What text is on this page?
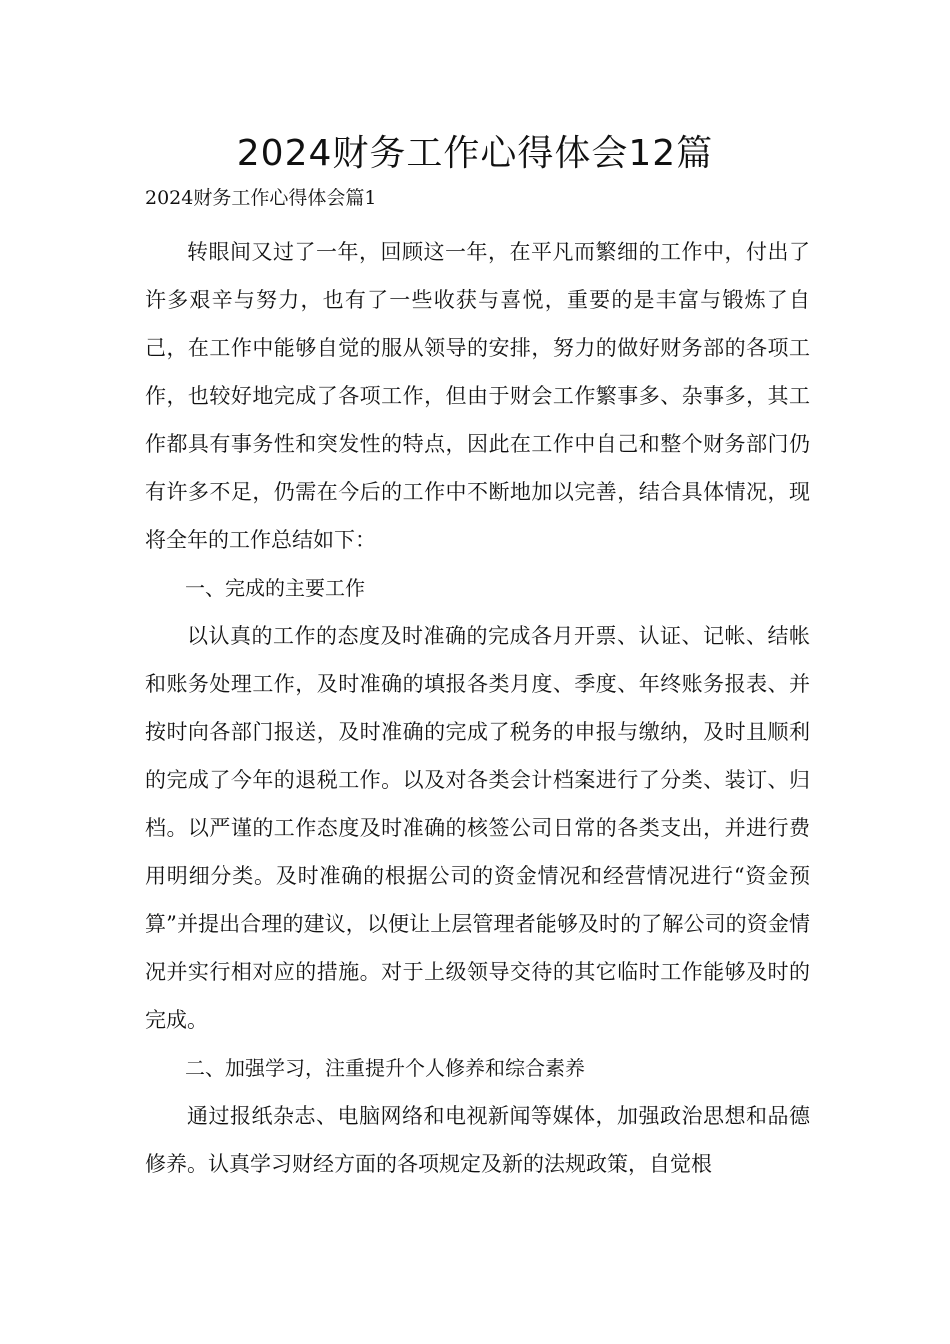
2024财务工作心得体会12篇

2024财务工作心得体会篇1

转眼间又过了一年，回顾这一年，在平凡而繁细的工作中，付出了许多艰辛与努力，也有了一些收获与喜悦，重要的是丰富与锻炼了自己，在工作中能够自觉的服从领导的安排，努力的做好财务部的各项工作，也较好地完成了各项工作，但由于财会工作繁事多、杂事多，其工作都具有事务性和突发性的特点，因此在工作中自己和整个财务部门仍有许多不足，仍需在今后的工作中不断地加以完善，结合具体情况，现将全年的工作总结如下：

一、完成的主要工作

以认真的工作的态度及时准确的完成各月开票、认证、记帐、结帐和账务处理工作，及时准确的填报各类月度、季度、年终账务报表、并按时向各部门报送，及时准确的完成了税务的申报与缴纳，及时且顺利的完成了今年的退税工作。以及对各类会计档案进行了分类、装订、归档。以严谨的工作态度及时准确的核签公司日常的各类支出，并进行费用明细分类。及时准确的根据公司的资金情况和经营情况进行“资金预算”并提出合理的建议，以便让上层管理者能够及时的了解公司的资金情况并实行相对应的措施。对于上级领导交待的其它临时工作能够及时的完成。

二、加强学习，注重提升个人修养和综合素养

通过报纸杂志、电脑网络和电视新闻等媒体，加强政治思想和品德修养。认真学习财经方面的各项规定及新的法规政策，自觉根
